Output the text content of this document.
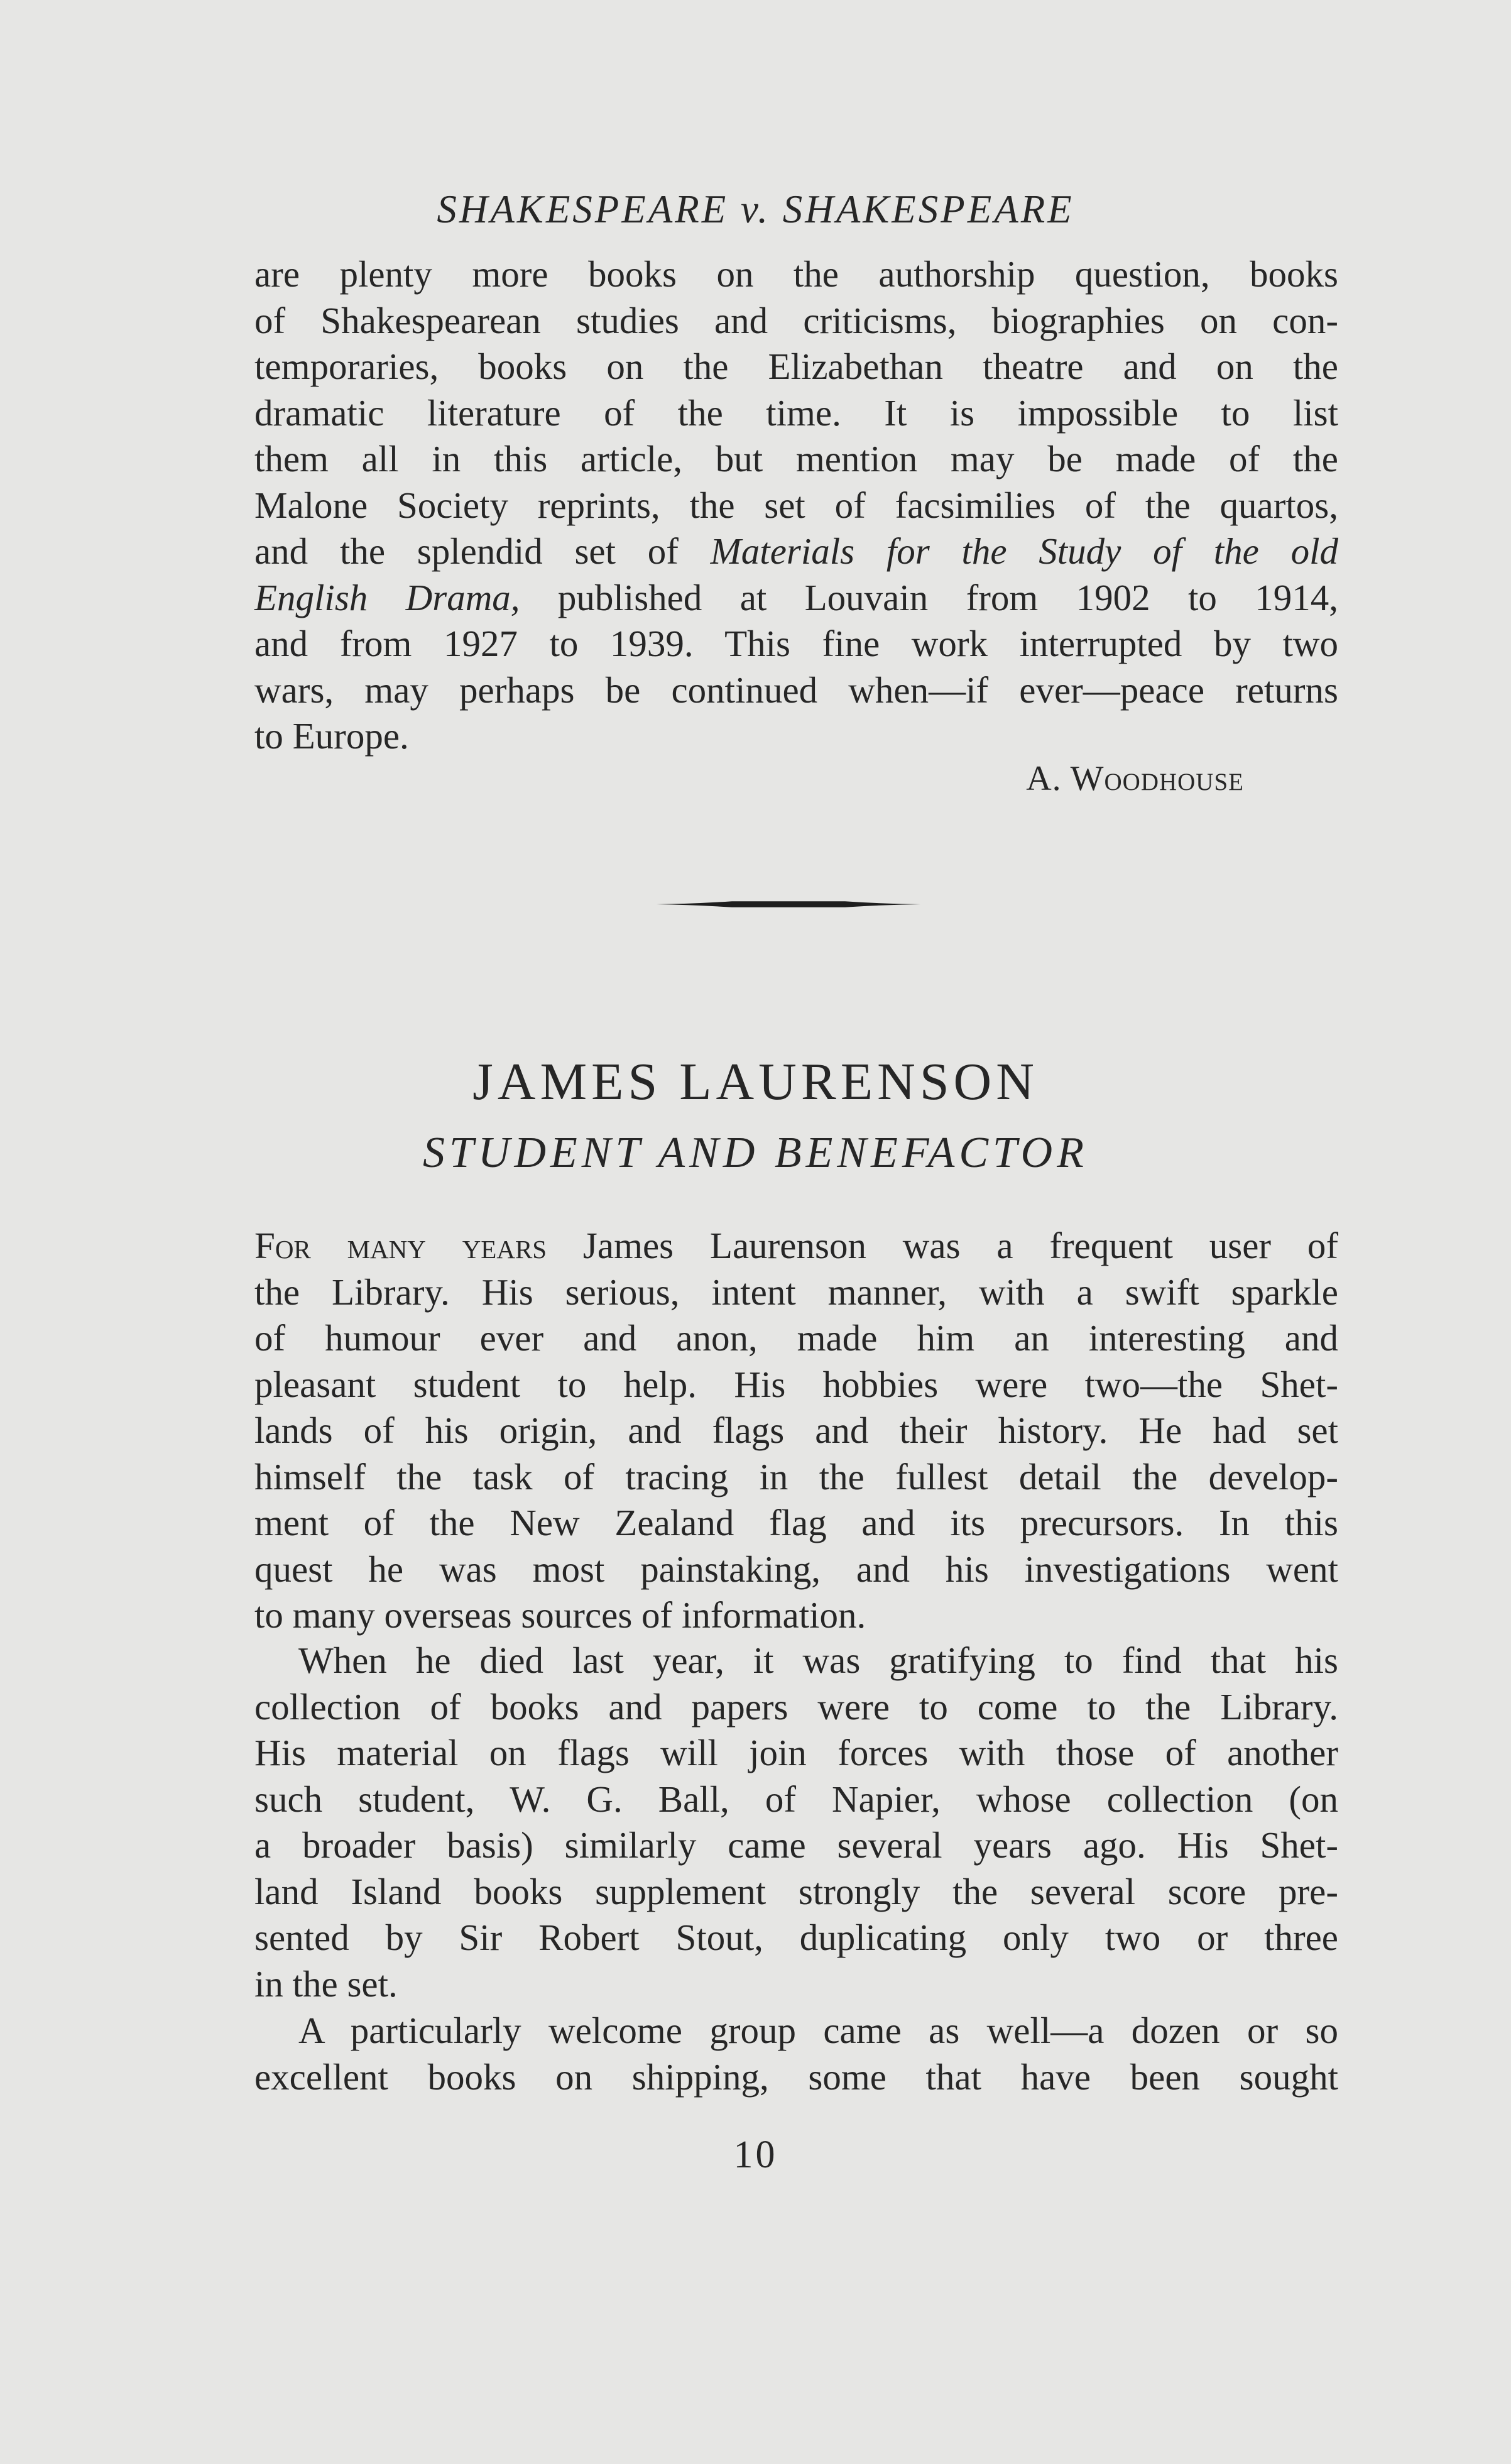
SHAKESPEARE v. SHAKESPEARE

are plenty more books on the authorship question, books
of Shakespearean studies and criticisms, biographies on con-
temporaries, books on the Elizabethan theatre and on the
dramatic literature of the time. It is impossible to list
them all in this article, but mention may be made of the
Malone Society reprints, the set of facsimilies of the quartos,
and the splendid set of Materials for the Study of the old
English Drama, published at Louvain from 1902 to 1914,
and from 1927 to 1939. This fine work interrupted by two
wars, may perhaps be continued when—if ever—peace returns
to Europe.

A. Woodhouse
JAMES LAURENSON
STUDENT AND BENEFACTOR

For many years James Laurenson was a frequent user of
the Library. His serious, intent manner, with a swift sparkle
of humour ever and anon, made him an interesting and
pleasant student to help. His hobbies were two—the Shet-
lands of his origin, and flags and their history. He had set
himself the task of tracing in the fullest detail the develop-
ment of the New Zealand flag and its precursors. In this
quest he was most painstaking, and his investigations went
to many overseas sources of information.

When he died last year, it was gratifying to find that his
collection of books and papers were to come to the Library.
His material on flags will join forces with those of another
such student, W. G. Ball, of Napier, whose collection (on
a broader basis) similarly came several years ago. His Shet-
land Island books supplement strongly the several score pre-
sented by Sir Robert Stout, duplicating only two or three
in the set.

A particularly welcome group came as well—a dozen or so
excellent books on shipping, some that have been sought

10
